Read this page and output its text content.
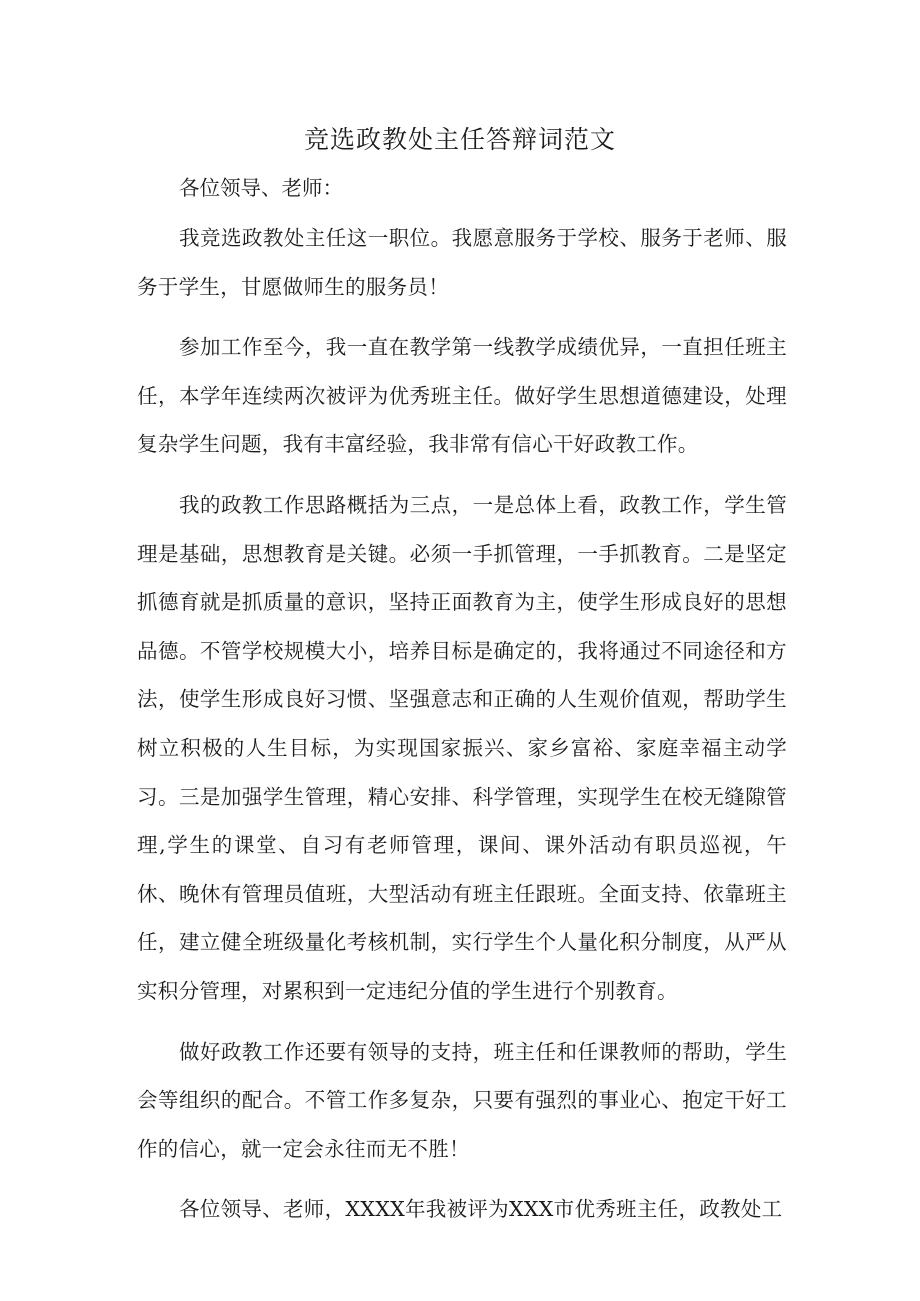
竞选政教处主任答辩词范文

各位领导、老师：

我竞选政教处主任这一职位。我愿意服务于学校、服务于老师、服务于学生，甘愿做师生的服务员！

参加工作至今，我一直在教学第一线教学成绩优异，一直担任班主任，本学年连续两次被评为优秀班主任。做好学生思想道德建设，处理复杂学生问题，我有丰富经验，我非常有信心干好政教工作。

我的政教工作思路概括为三点，一是总体上看，政教工作，学生管理是基础，思想教育是关键。必须一手抓管理，一手抓教育。二是坚定抓德育就是抓质量的意识，坚持正面教育为主，使学生形成良好的思想品德。不管学校规模大小，培养目标是确定的，我将通过不同途径和方法，使学生形成良好习惯、坚强意志和正确的人生观价值观，帮助学生树立积极的人生目标，为实现国家振兴、家乡富裕、家庭幸福主动学习。三是加强学生管理，精心安排、科学管理，实现学生在校无缝隙管理,学生的课堂、自习有老师管理，课间、课外活动有职员巡视，午休、晚休有管理员值班，大型活动有班主任跟班。全面支持、依靠班主任，建立健全班级量化考核机制，实行学生个人量化积分制度，从严从实积分管理，对累积到一定违纪分值的学生进行个别教育。

做好政教工作还要有领导的支持，班主任和任课教师的帮助，学生会等组织的配合。不管工作多复杂，只要有强烈的事业心、抱定干好工作的信心，就一定会永往而无不胜！

各位领导、老师，XXXX年我被评为XXX市优秀班主任，政教处工
